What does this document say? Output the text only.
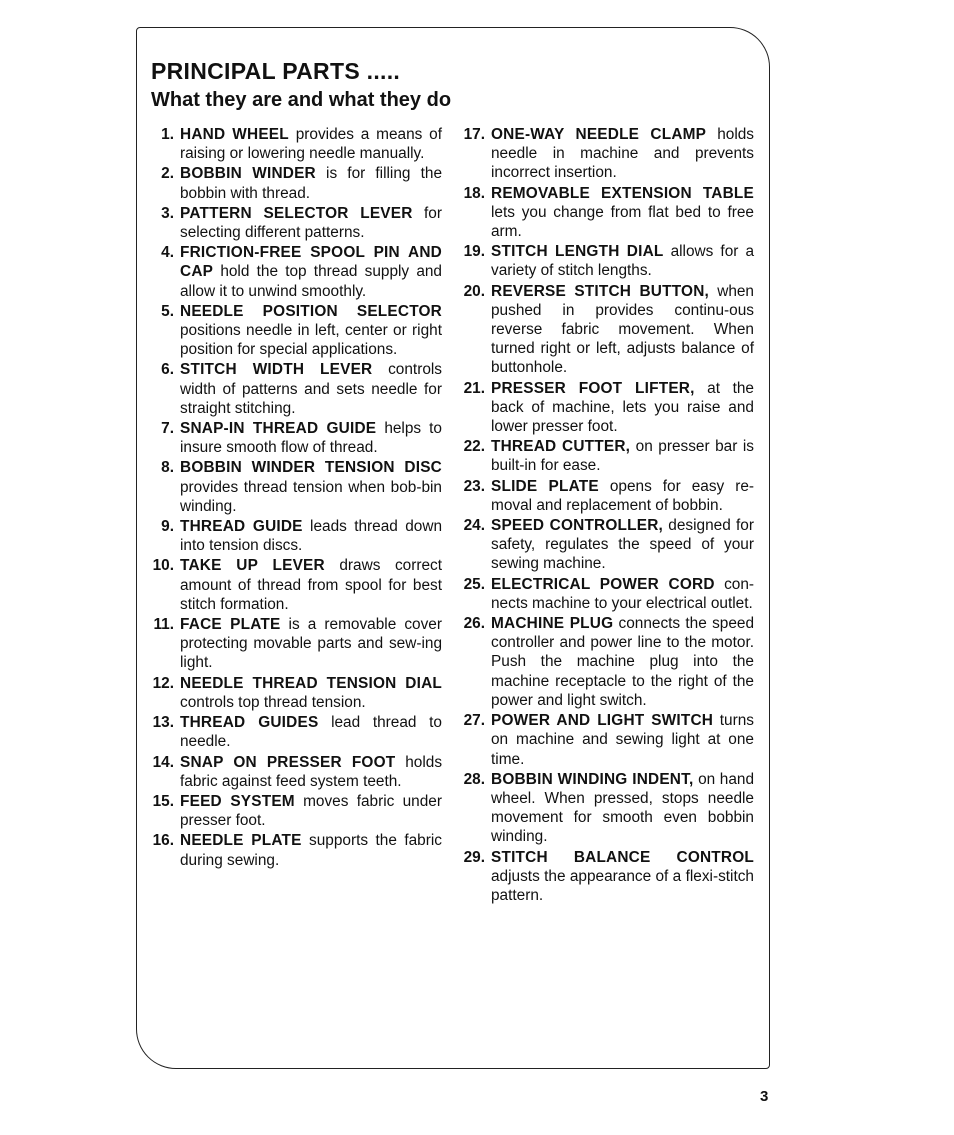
PRINCIPAL PARTS .....
What they are and what they do
1. HAND WHEEL provides a means of raising or lowering needle manually.
2. BOBBIN WINDER is for filling the bobbin with thread.
3. PATTERN SELECTOR LEVER for selecting different patterns.
4. FRICTION-FREE SPOOL PIN AND CAP hold the top thread supply and allow it to unwind smoothly.
5. NEEDLE POSITION SELECTOR positions needle in left, center or right position for special applications.
6. STITCH WIDTH LEVER controls width of patterns and sets needle for straight stitching.
7. SNAP-IN THREAD GUIDE helps to insure smooth flow of thread.
8. BOBBIN WINDER TENSION DISC provides thread tension when bob-bin winding.
9. THREAD GUIDE leads thread down into tension discs.
10. TAKE UP LEVER draws correct amount of thread from spool for best stitch formation.
11. FACE PLATE is a removable cover protecting movable parts and sew-ing light.
12. NEEDLE THREAD TENSION DIAL controls top thread tension.
13. THREAD GUIDES lead thread to needle.
14. SNAP ON PRESSER FOOT holds fabric against feed system teeth.
15. FEED SYSTEM moves fabric under presser foot.
16. NEEDLE PLATE supports the fabric during sewing.
17. ONE-WAY NEEDLE CLAMP holds needle in machine and prevents incorrect insertion.
18. REMOVABLE EXTENSION TABLE lets you change from flat bed to free arm.
19. STITCH LENGTH DIAL allows for a variety of stitch lengths.
20. REVERSE STITCH BUTTON, when pushed in provides continu-ous reverse fabric movement. When turned right or left, adjusts balance of buttonhole.
21. PRESSER FOOT LIFTER, at the back of machine, lets you raise and lower presser foot.
22. THREAD CUTTER, on presser bar is built-in for ease.
23. SLIDE PLATE opens for easy re-moval and replacement of bobbin.
24. SPEED CONTROLLER, designed for safety, regulates the speed of your sewing machine.
25. ELECTRICAL POWER CORD con-nects machine to your electrical outlet.
26. MACHINE PLUG connects the speed controller and power line to the motor. Push the machine plug into the machine receptacle to the right of the power and light switch.
27. POWER AND LIGHT SWITCH turns on machine and sewing light at one time.
28. BOBBIN WINDING INDENT, on hand wheel. When pressed, stops needle movement for smooth even bobbin winding.
29. STITCH BALANCE CONTROL adjusts the appearance of a flexi-stitch pattern.
3
